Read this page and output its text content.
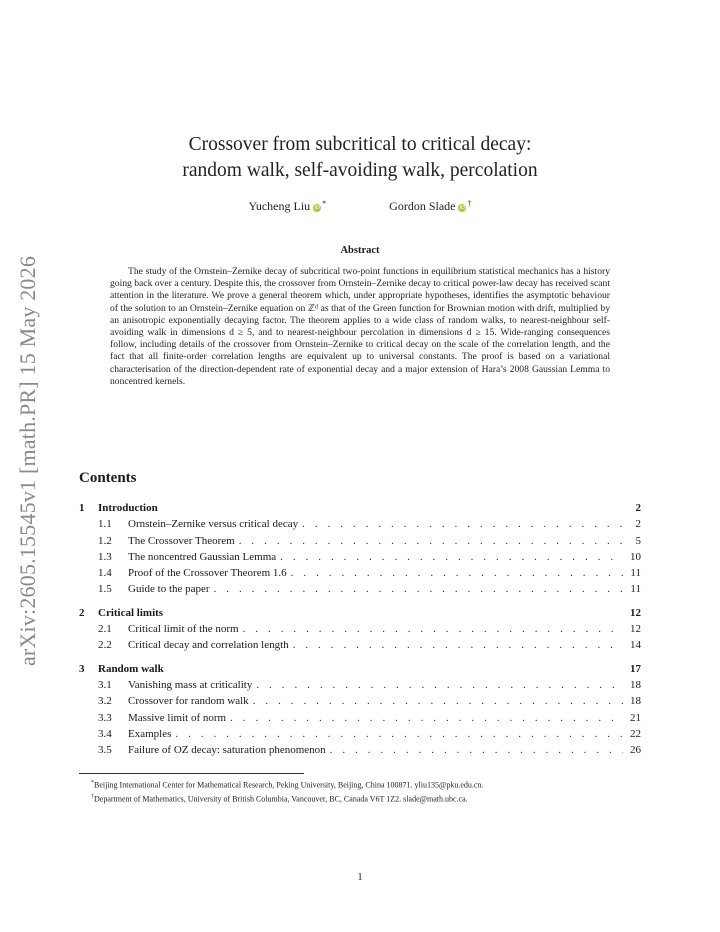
arXiv:2605.15545v1 [math.PR] 15 May 2026
Crossover from subcritical to critical decay:
random walk, self-avoiding walk, percolation
Yucheng Liu iD *	Gordon Slade iD †
Abstract

The study of the Ornstein–Zernike decay of subcritical two-point functions in equilibrium statistical mechanics has a history going back over a century. Despite this, the crossover from Ornstein–Zernike decay to critical power-law decay has received scant attention in the literature. We prove a general theorem which, under appropriate hypotheses, identifies the asymptotic behaviour of the solution to an Ornstein–Zernike equation on ℤᵈ as that of the Green function for Brownian motion with drift, multiplied by an anisotropic exponentially decaying factor. The theorem applies to a wide class of random walks, to nearest-neighbour self-avoiding walk in dimensions d ≥ 5, and to nearest-neighbour percolation in dimensions d ≥ 15. Wide-ranging consequences follow, including details of the crossover from Ornstein–Zernike to critical decay on the scale of the correlation length, and the fact that all finite-order correlation lengths are equivalent up to universal constants. The proof is based on a variational characterisation of the direction-dependent rate of exponential decay and a major extension of Hara’s 2008 Gaussian Lemma to noncentred kernels.

Contents
1	Introduction	2
1.1	Ornstein–Zernike versus critical decay . . .	2
1.2	The Crossover Theorem . . .	5
1.3	The noncentred Gaussian Lemma . . .	10
1.4	Proof of the Crossover Theorem 1.6 . . .	11
1.5	Guide to the paper . . .	11
2	Critical limits	12
2.1	Critical limit of the norm . . .	12
2.2	Critical decay and correlation length . . .	14
3	Random walk	17
3.1	Vanishing mass at criticality . . .	18
3.2	Crossover for random walk . . .	18
3.3	Massive limit of norm . . .	21
3.4	Examples . . .	22
3.5	Failure of OZ decay: saturation phenomenon . . .	26

*Beijing International Center for Mathematical Research, Peking University, Beijing, China 100871. yliu135@pku.edu.cn.

†Department of Mathematics, University of British Columbia, Vancouver, BC, Canada V6T 1Z2. slade@math.ubc.ca.

1
